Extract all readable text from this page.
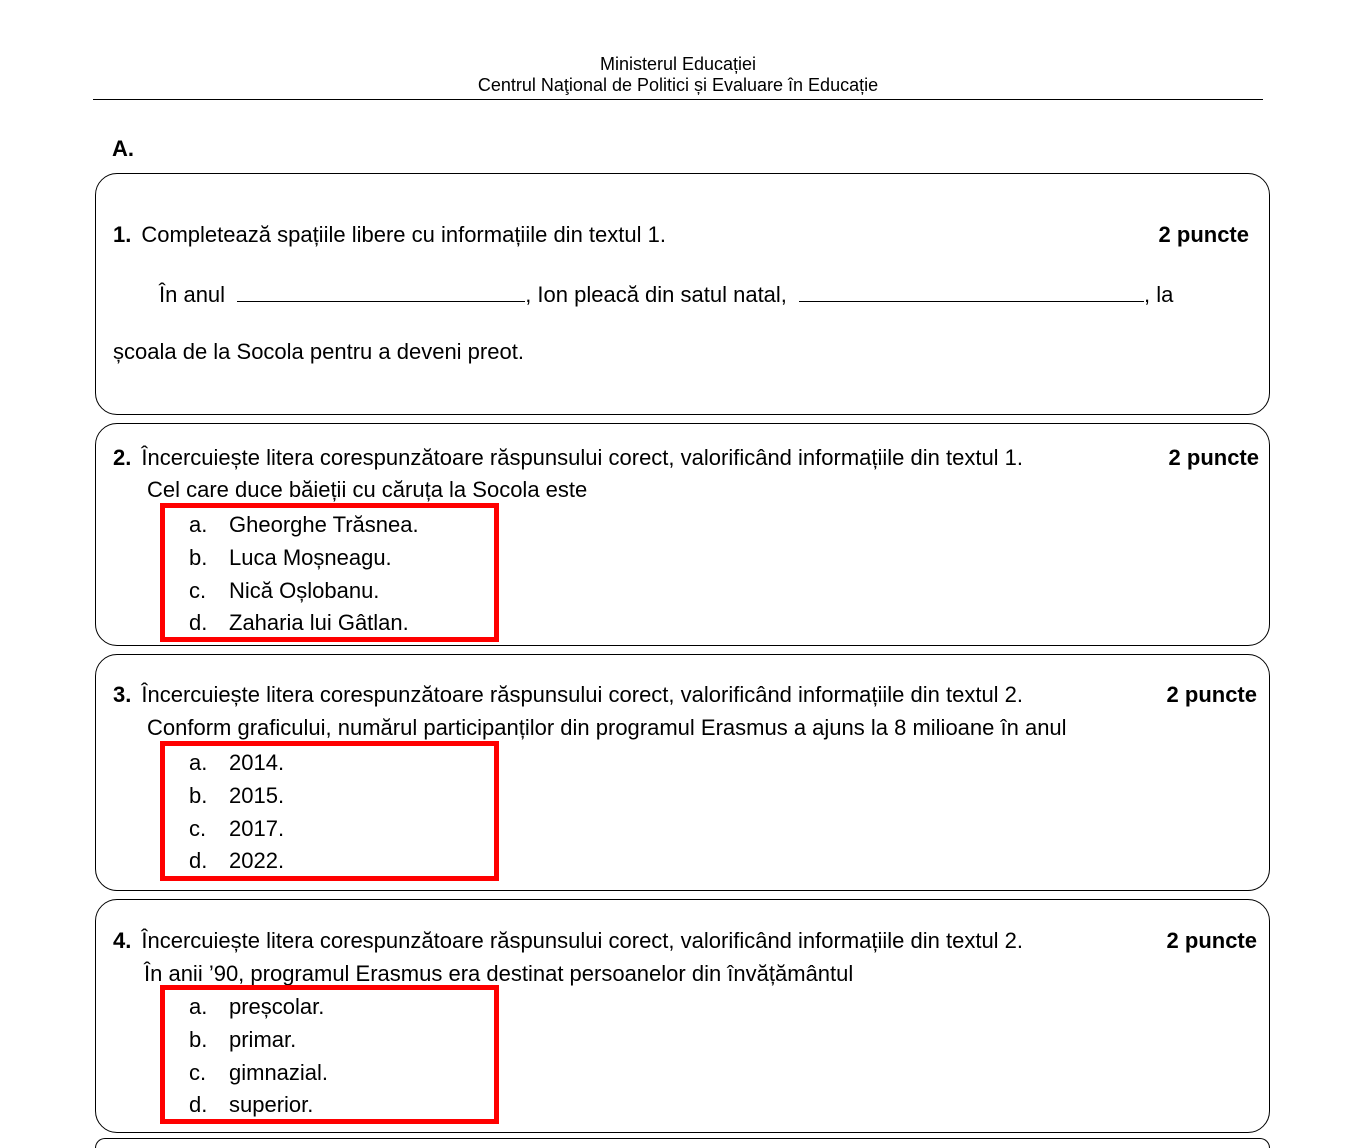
Ministerul Educației
Centrul Naţional de Politici și Evaluare în Educație
A.
1. Completează spațiile libere cu informațiile din textul 1.	2 puncte
În anul	, Ion pleacă din satul natal,	, la
școala de la Socola pentru a deveni preot.
2. Încercuiește litera corespunzătoare răspunsului corect, valorificând informațiile din textul 1.	2 puncte
Cel care duce băieții cu căruța la Socola este
a. Gheorghe Trăsnea.
b. Luca Moșneagu.
c. Nică Oșlobanu.
d. Zaharia lui Gâtlan.
3. Încercuiește litera corespunzătoare răspunsului corect, valorificând informațiile din textul 2.	2 puncte
Conform graficului, numărul participanților din programul Erasmus a ajuns la 8 milioane în anul
a. 2014.
b. 2015.
c. 2017.
d. 2022.
4. Încercuiește litera corespunzătoare răspunsului corect, valorificând informațiile din textul 2.	2 puncte
În anii ’90, programul Erasmus era destinat persoanelor din învățământul
a. preșcolar.
b. primar.
c. gimnazial.
d. superior.
